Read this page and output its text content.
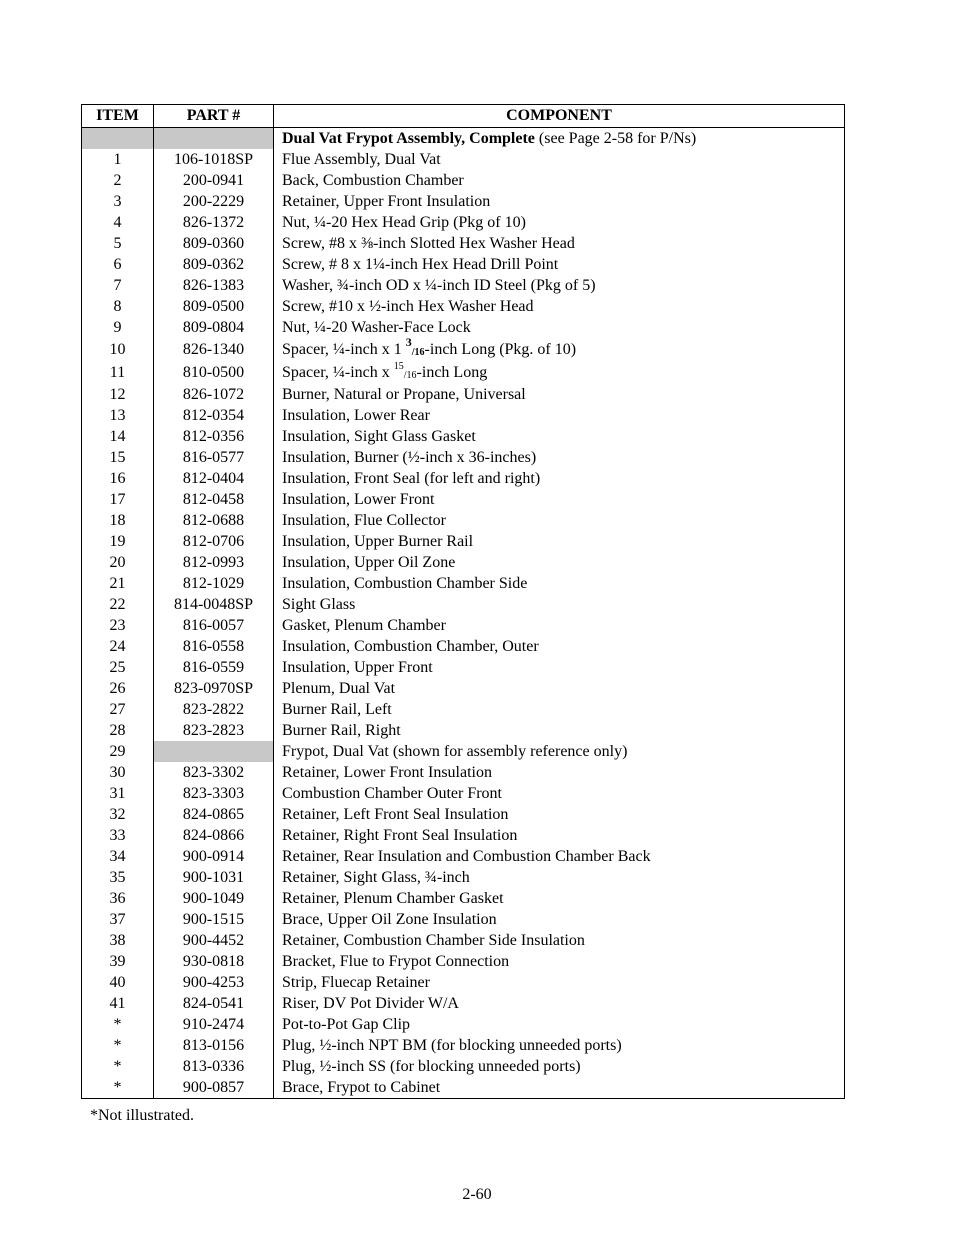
ITEM	PART #	COMPONENT
		Dual Vat Frypot Assembly, Complete (see Page 2-58 for P/Ns)
1	106-1018SP	Flue Assembly, Dual Vat
2	200-0941	Back, Combustion Chamber
3	200-2229	Retainer, Upper Front Insulation
4	826-1372	Nut, ¼-20 Hex Head Grip (Pkg of 10)
5	809-0360	Screw, #8 x ⅜-inch Slotted Hex Washer Head
6	809-0362	Screw, # 8 x 1¼-inch Hex Head Drill Point
7	826-1383	Washer, ¾-inch OD x ¼-inch ID Steel (Pkg of 5)
8	809-0500	Screw, #10 x ½-inch Hex Washer Head
9	809-0804	Nut, ¼-20 Washer-Face Lock
10	826-1340	Spacer, ¼-inch x 1 $^3_{/16}$-inch Long (Pkg. of 10)
11	810-0500	Spacer, ¼-inch x $^{15}_{/16}$-inch Long
12	826-1072	Burner, Natural or Propane, Universal
13	812-0354	Insulation, Lower Rear
14	812-0356	Insulation, Sight Glass Gasket
15	816-0577	Insulation, Burner (½-inch x 36-inches)
16	812-0404	Insulation, Front Seal (for left and right)
17	812-0458	Insulation, Lower Front
18	812-0688	Insulation, Flue Collector
19	812-0706	Insulation, Upper Burner Rail
20	812-0993	Insulation, Upper Oil Zone
21	812-1029	Insulation, Combustion Chamber Side
22	814-0048SP	Sight Glass
23	816-0057	Gasket, Plenum Chamber
24	816-0558	Insulation, Combustion Chamber, Outer
25	816-0559	Insulation, Upper Front
26	823-0970SP	Plenum, Dual Vat
27	823-2822	Burner Rail, Left
28	823-2823	Burner Rail, Right
29		Frypot, Dual Vat (shown for assembly reference only)
30	823-3302	Retainer, Lower Front Insulation
31	823-3303	Combustion Chamber Outer Front
32	824-0865	Retainer, Left Front Seal Insulation
33	824-0866	Retainer, Right Front Seal Insulation
34	900-0914	Retainer, Rear Insulation and Combustion Chamber Back
35	900-1031	Retainer, Sight Glass, ¾-inch
36	900-1049	Retainer, Plenum Chamber Gasket
37	900-1515	Brace, Upper Oil Zone Insulation
38	900-4452	Retainer, Combustion Chamber Side Insulation
39	930-0818	Bracket, Flue to Frypot Connection
40	900-4253	Strip, Fluecap Retainer
41	824-0541	Riser, DV Pot Divider W/A
*	910-2474	Pot-to-Pot Gap Clip
*	813-0156	Plug, ½-inch NPT BM (for blocking unneeded ports)
*	813-0336	Plug, ½-inch SS (for blocking unneeded ports)
*	900-0857	Brace, Frypot to Cabinet
*Not illustrated.
2-60
